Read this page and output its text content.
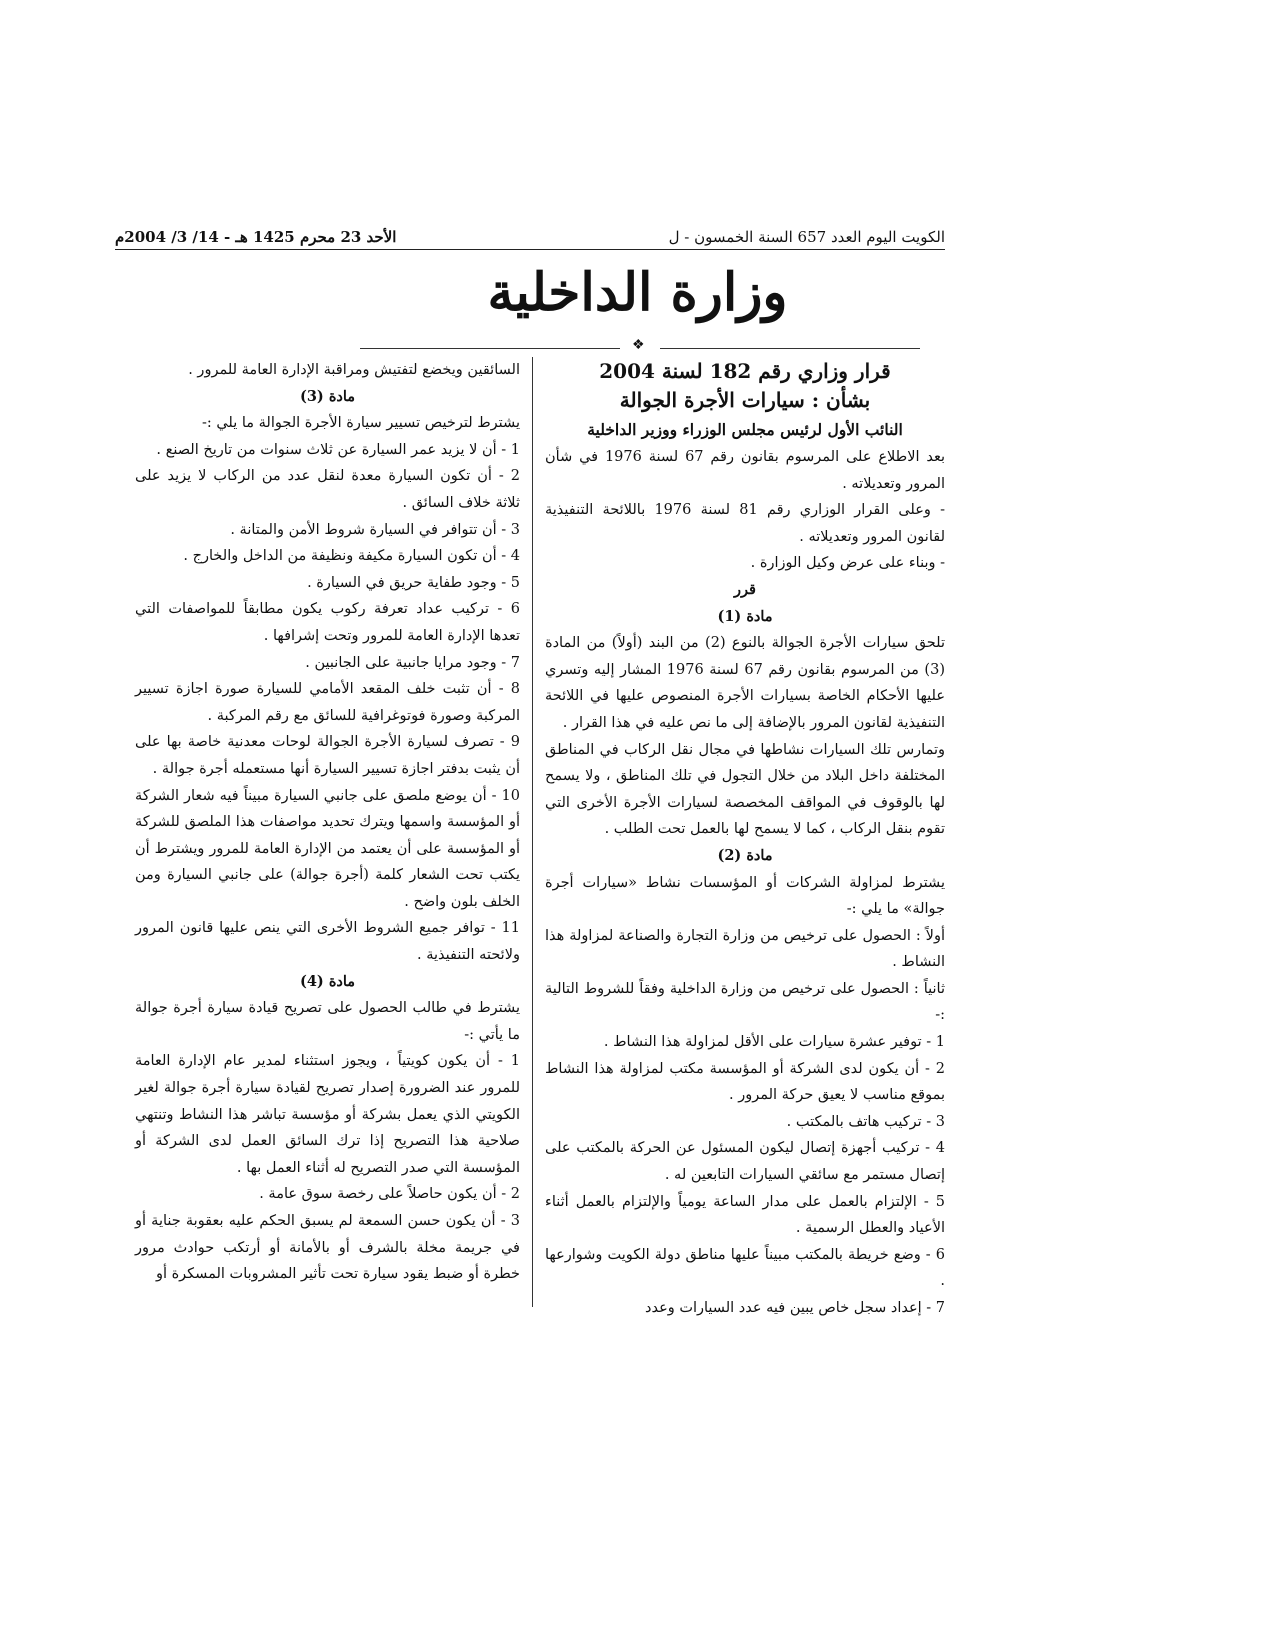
الكويت اليوم العدد 657 السنة الخمسون - ل
الأحد 23 محرم 1425 هـ - 14/ 3/ 2004م
وزارة الداخلية
❖

قرار وزاري رقم 182 لسنة 2004

بشأن : سيارات الأجرة الجوالة

النائب الأول لرئيس مجلس الوزراء ووزير الداخلية

بعد الاطلاع على المرسوم بقانون رقم 67 لسنة 1976 في شأن المرور وتعديلاته .

- وعلى القرار الوزاري رقم 81 لسنة 1976 باللائحة التنفيذية لقانون المرور وتعديلاته .

- وبناء على عرض وكيل الوزارة .

قرر

مادة (1)

تلحق سيارات الأجرة الجوالة بالنوع (2) من البند (أولاً) من المادة (3) من المرسوم بقانون رقم 67 لسنة 1976 المشار إليه وتسري عليها الأحكام الخاصة بسيارات الأجرة المنصوص عليها في اللائحة التنفيذية لقانون المرور بالإضافة إلى ما نص عليه في هذا القرار .

وتمارس تلك السيارات نشاطها في مجال نقل الركاب في المناطق المختلفة داخل البلاد من خلال التجول في تلك المناطق ، ولا يسمح لها بالوقوف في المواقف المخصصة لسيارات الأجرة الأخرى التي تقوم بنقل الركاب ، كما لا يسمح لها بالعمل تحت الطلب .

مادة (2)

يشترط لمزاولة الشركات أو المؤسسات نشاط «سيارات أجرة جوالة» ما يلي :-

أولاً : الحصول على ترخيص من وزارة التجارة والصناعة لمزاولة هذا النشاط .

ثانياً : الحصول على ترخيص من وزارة الداخلية وفقاً للشروط التالية :-

1 - توفير عشرة سيارات على الأقل لمزاولة هذا النشاط .

2 - أن يكون لدى الشركة أو المؤسسة مكتب لمزاولة هذا النشاط بموقع مناسب لا يعيق حركة المرور .

3 - تركيب هاتف بالمكتب .

4 - تركيب أجهزة إتصال ليكون المسئول عن الحركة بالمكتب على إتصال مستمر مع سائقي السيارات التابعين له .

5 - الإلتزام بالعمل على مدار الساعة يومياً والإلتزام بالعمل أثناء الأعياد والعطل الرسمية .

6 - وضع خريطة بالمكتب مبيناً عليها مناطق دولة الكويت وشوارعها .

7 - إعداد سجل خاص يبين فيه عدد السيارات وعدد

السائقين ويخضع لتفتيش ومراقبة الإدارة العامة للمرور .

مادة (3)

يشترط لترخيص تسيير سيارة الأجرة الجوالة ما يلي :-

1 - أن لا يزيد عمر السيارة عن ثلاث سنوات من تاريخ الصنع .

2 - أن تكون السيارة معدة لنقل عدد من الركاب لا يزيد على ثلاثة خلاف السائق .

3 - أن تتوافر في السيارة شروط الأمن والمتانة .

4 - أن تكون السيارة مكيفة ونظيفة من الداخل والخارج .

5 - وجود طفاية حريق في السيارة .

6 - تركيب عداد تعرفة ركوب يكون مطابقاً للمواصفات التي تعدها الإدارة العامة للمرور وتحت إشرافها .

7 - وجود مرايا جانبية على الجانبين .

8 - أن تثبت خلف المقعد الأمامي للسيارة صورة اجازة تسيير المركبة وصورة فوتوغرافية للسائق مع رقم المركبة .

9 - تصرف لسيارة الأجرة الجوالة لوحات معدنية خاصة بها على أن يثبت بدفتر اجازة تسيير السيارة أنها مستعمله أجرة جوالة .

10 - أن يوضع ملصق على جانبي السيارة مبيناً فيه شعار الشركة أو المؤسسة واسمها ويترك تحديد مواصفات هذا الملصق للشركة أو المؤسسة على أن يعتمد من الإدارة العامة للمرور ويشترط أن يكتب تحت الشعار كلمة (أجرة جوالة) على جانبي السيارة ومن الخلف بلون واضح .

11 - توافر جميع الشروط الأخرى التي ينص عليها قانون المرور ولائحته التنفيذية .

مادة (4)

يشترط في طالب الحصول على تصريح قيادة سيارة أجرة جوالة ما يأتي :-

1 - أن يكون كويتياً ، ويجوز استثناء لمدير عام الإدارة العامة للمرور عند الضرورة إصدار تصريح لقيادة سيارة أجرة جوالة لغير الكويتي الذي يعمل بشركة أو مؤسسة تباشر هذا النشاط وتنتهي صلاحية هذا التصريح إذا ترك السائق العمل لدى الشركة أو المؤسسة التي صدر التصريح له أثناء العمل بها .

2 - أن يكون حاصلاً على رخصة سوق عامة .

3 - أن يكون حسن السمعة لم يسبق الحكم عليه بعقوبة جناية أو في جريمة مخلة بالشرف أو بالأمانة أو أرتكب حوادث مرور خطرة أو ضبط يقود سيارة تحت تأثير المشروبات المسكرة أو
